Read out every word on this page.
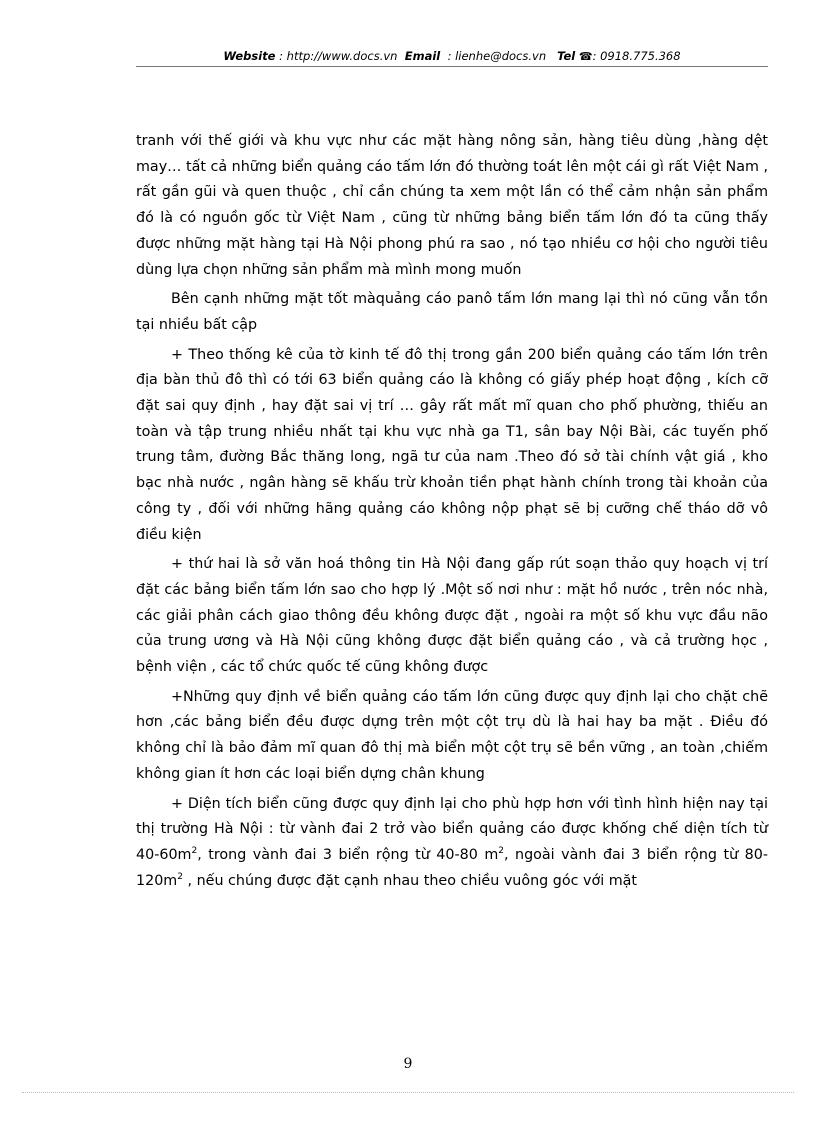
Website : http://www.docs.vn Email : lienhe@docs.vn Tel ☎: 0918.775.368

tranh với thế giới và khu vực như các mặt hàng nông sản, hàng tiêu dùng ,hàng dệt may… tất cả những biển quảng cáo tấm lớn đó thường toát lên một cái gì rất Việt Nam , rất gần gũi và quen thuộc , chỉ cần chúng ta xem một lần có thể cảm nhận sản phẩm đó là có nguồn gốc từ Việt Nam , cũng từ những bảng biển tấm lớn đó ta cũng thấy được những mặt hàng tại Hà Nội phong phú ra sao , nó tạo nhiều cơ hội cho người tiêu dùng lựa chọn những sản phẩm mà mình mong muốn

Bên cạnh những mặt tốt màquảng cáo panô tấm lớn mang lại thì nó cũng vẫn tồn tại nhiều bất cập

+ Theo thống kê của tờ kinh tế đô thị trong gần 200 biển quảng cáo tấm lớn trên địa bàn thủ đô thì có tới 63 biển quảng cáo là không có giấy phép hoạt động , kích cỡ đặt sai quy định , hay đặt sai vị trí … gây rất mất mĩ quan cho phố phường, thiếu an toàn và tập trung nhiều nhất tại khu vực nhà ga T1, sân bay Nội Bài, các tuyến phố trung tâm, đường Bắc thăng long, ngã tư của nam .Theo đó sở tài chính vật giá , kho bạc nhà nước , ngân hàng sẽ khấu trừ khoản tiền phạt hành chính trong tài khoản của công ty , đối với những hãng quảng cáo không nộp phạt sẽ bị cưỡng chế tháo dỡ vô điều kiện

+ thứ hai là sở văn hoá thông tin Hà Nội đang gấp rút soạn thảo quy hoạch vị trí đặt các bảng biển tấm lớn sao cho hợp lý .Một số nơi như : mặt hồ nước , trên nóc nhà, các giải phân cách giao thông đều không được đặt , ngoài ra một số khu vực đầu não của trung ương và Hà Nội cũng không được đặt biển quảng cáo , và cả trường học , bệnh viện , các tổ chức quốc tế cũng không được

+Những quy định về biển quảng cáo tấm lớn cũng được quy định lại cho chặt chẽ hơn ,các bảng biển đều được dựng trên một cột trụ dù là hai hay ba mặt . Điều đó không chỉ là bảo đảm mĩ quan đô thị mà biển một cột trụ sẽ bền vững , an toàn ,chiếm không gian ít hơn các loại biển dựng chân khung

+ Diện tích biển cũng được quy định lại cho phù hợp hơn với tình hình hiện nay tại thị trường Hà Nội : từ vành đai 2 trở vào biển quảng cáo được khống chế diện tích từ $40-60m^2$, trong vành đai 3 biển rộng từ 40-80 $m^2$, ngoài vành đai 3 biển rộng từ $80-120m^2$ , nếu chúng được đặt cạnh nhau theo chiều vuông góc với mặt

9
